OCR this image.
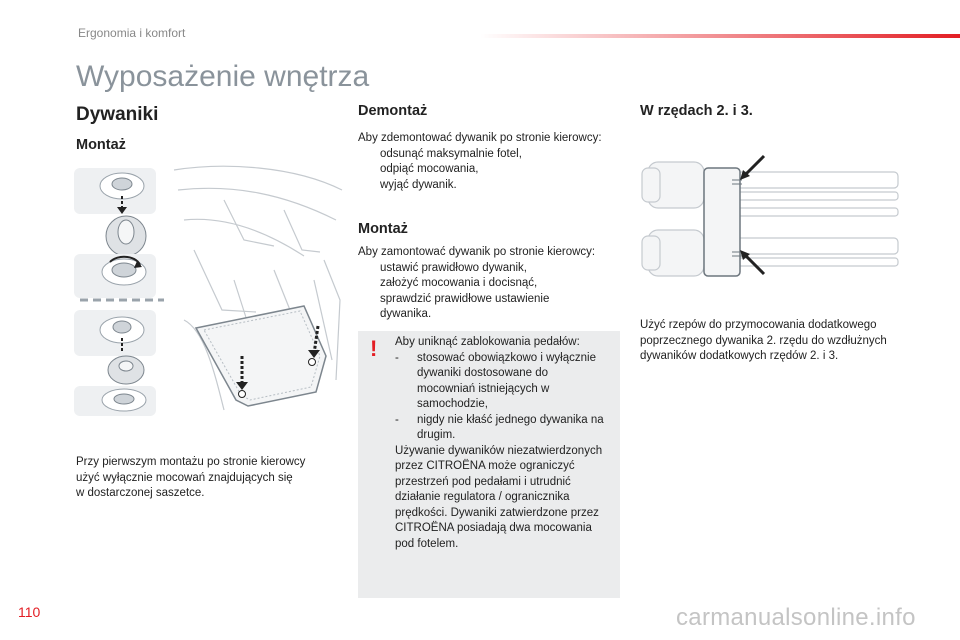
Ergonomia i komfort
Wyposażenie wnętrza
Dywaniki
Montaż
Przy pierwszym montażu po stronie kierowcy
użyć wyłącznie mocowań znajdujących się
w dostarczonej saszetce.
Demontaż
Aby zdemontować dywanik po stronie kierowcy:
odsunąć maksymalnie fotel,
odpiąć mocowania,
wyjąć dywanik.
Montaż
Aby zamontować dywanik po stronie kierowcy:
ustawić prawidłowo dywanik,
założyć mocowania i docisnąć,
sprawdzić prawidłowe ustawienie dywanika.
! Aby uniknąć zablokowania pedałów:
- stosować obowiązkowo i wyłącznie dywaniki dostosowane do mocowniań istniejących w samochodzie,
- nigdy nie kłaść jednego dywanika na drugim.
Używanie dywaników niezatwierdzonych przez CITROËNA może ograniczyć przestrzeń pod pedałami i utrudnić działanie regulatora / ogranicznika prędkości. Dywaniki zatwierdzone przez CITROËNA posiadają dwa mocowania pod fotelem.
W rzędach 2. i 3.
Użyć rzepów do przymocowania dodatkowego poprzecznego dywanika 2. rzędu do wzdłużnych dywaników dodatkowych rzędów 2. i 3.
110	carmanualsonline.info
